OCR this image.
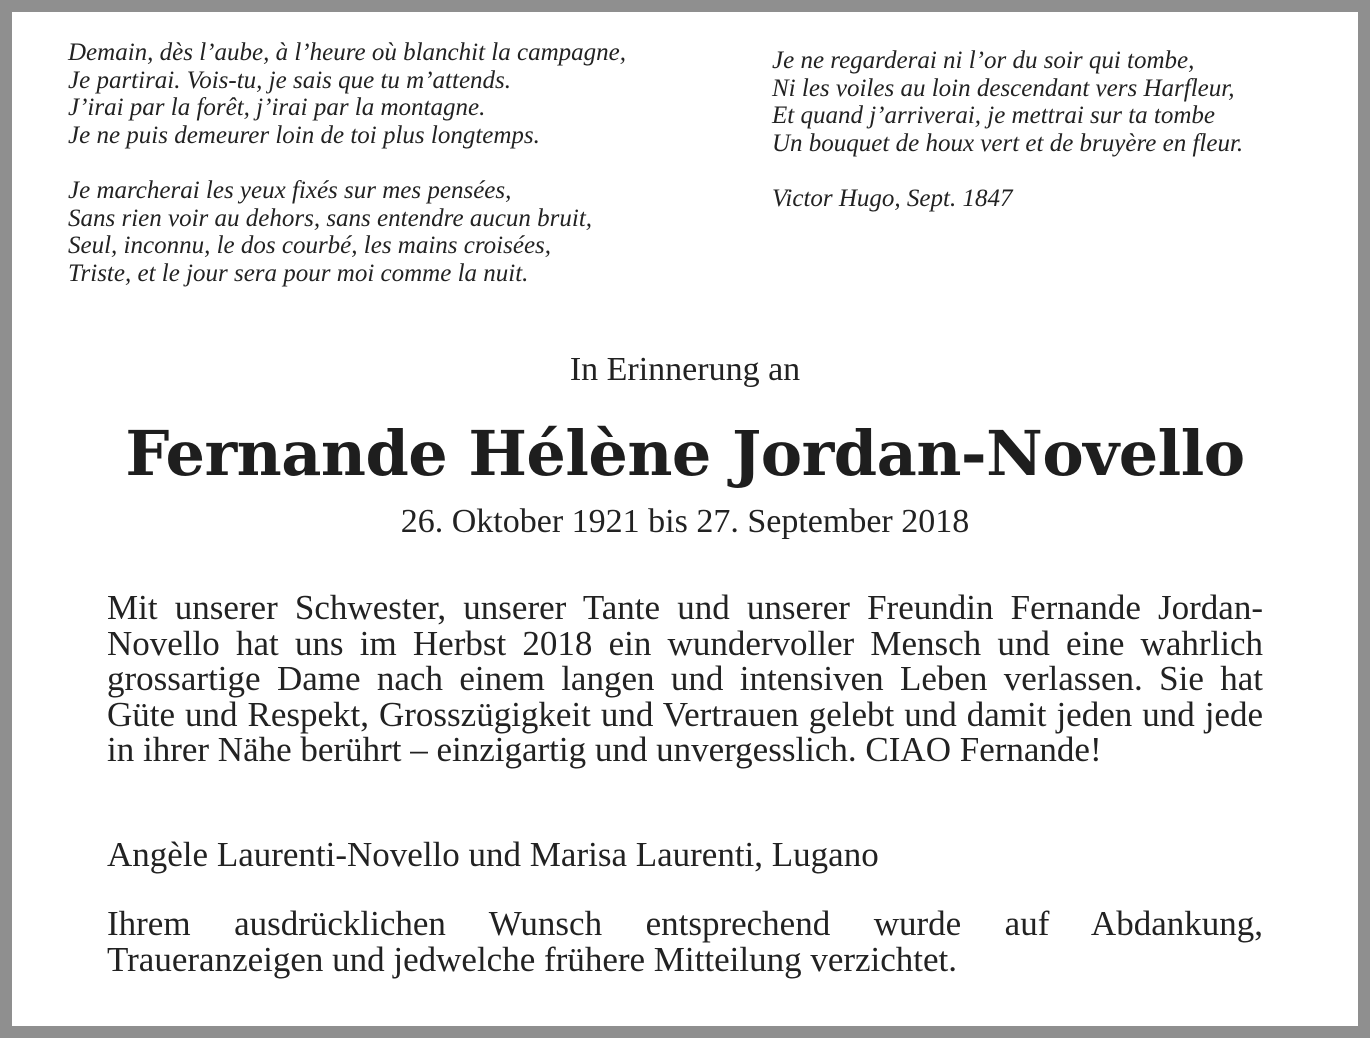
Demain, dès l’aube, à l’heure où blanchit la campagne,
Je partirai. Vois-tu, je sais que tu m’attends.
J’irai par la forêt, j’irai par la montagne.
Je ne puis demeurer loin de toi plus longtemps.
Je marcherai les yeux fixés sur mes pensées,
Sans rien voir au dehors, sans entendre aucun bruit,
Seul, inconnu, le dos courbé, les mains croisées,
Triste, et le jour sera pour moi comme la nuit.
Je ne regarderai ni l’or du soir qui tombe,
Ni les voiles au loin descendant vers Harfleur,
Et quand j’arriverai, je mettrai sur ta tombe
Un bouquet de houx vert et de bruyère en fleur.
Victor Hugo, Sept. 1847
In Erinnerung an
Fernande Hélène Jordan-Novello
26. Oktober 1921 bis 27. September 2018
Mit unserer Schwester, unserer Tante und unserer Freundin Fernande Jordan-Novello hat uns im Herbst 2018 ein wundervoller Mensch und eine wahrlich grossartige Dame nach einem langen und intensiven Leben verlassen. Sie hat Güte und Respekt, Grosszügigkeit und Vertrauen gelebt und damit jeden und jede in ihrer Nähe berührt – einzigartig und unvergesslich. CIAO Fernande!
Angèle Laurenti-Novello und Marisa Laurenti, Lugano
Ihrem ausdrücklichen Wunsch entsprechend wurde auf Abdankung, Traueranzeigen und jedwelche frühere Mitteilung verzichtet.
